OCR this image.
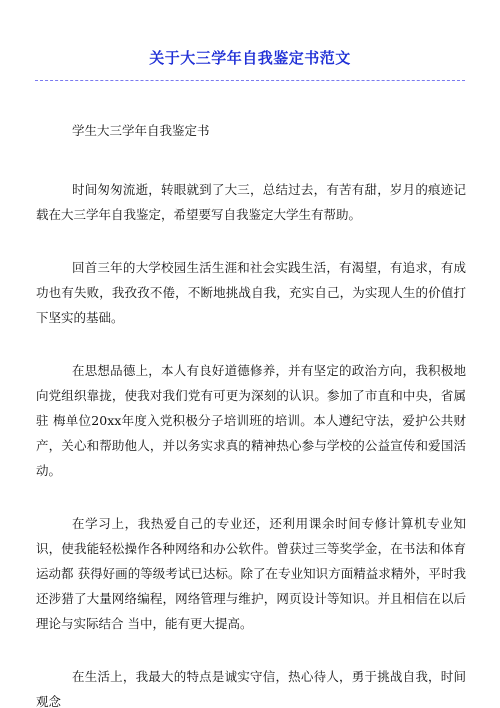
关于大三学年自我鉴定书范文

学生大三学年自我鉴定书

时间匆匆流逝，转眼就到了大三，总结过去，有苦有甜，岁月的痕迹记载在大三学年自我鉴定，希望要写自我鉴定大学生有帮助。

回首三年的大学校园生活生涯和社会实践生活，有渴望，有追求，有成功也有失败，我孜孜不倦，不断地挑战自我，充实自己，为实现人生的价值打下坚实的基础。

在思想品德上，本人有良好道德修养，并有坚定的政治方向，我积极地向党组织靠拢，使我对我们党有可更为深刻的认识。参加了市直和中央，省属驻 梅单位20xx年度入党积极分子培训班的培训。本人遵纪守法，爱护公共财产，关心和帮助他人，并以务实求真的精神热心参与学校的公益宣传和爱国活动。

在学习上，我热爱自己的专业还，还利用课余时间专修计算机专业知识，使我能轻松操作各种网络和办公软件。曾获过三等奖学金，在书法和体育运动都 获得好画的等级考试已达标。除了在专业知识方面精益求精外，平时我还涉猎了大量网络编程，网络管理与维护，网页设计等知识。并且相信在以后理论与实际结合 当中，能有更大提高。

在生活上，我最大的特点是诚实守信，热心待人，勇于挑战自我，时间观念
